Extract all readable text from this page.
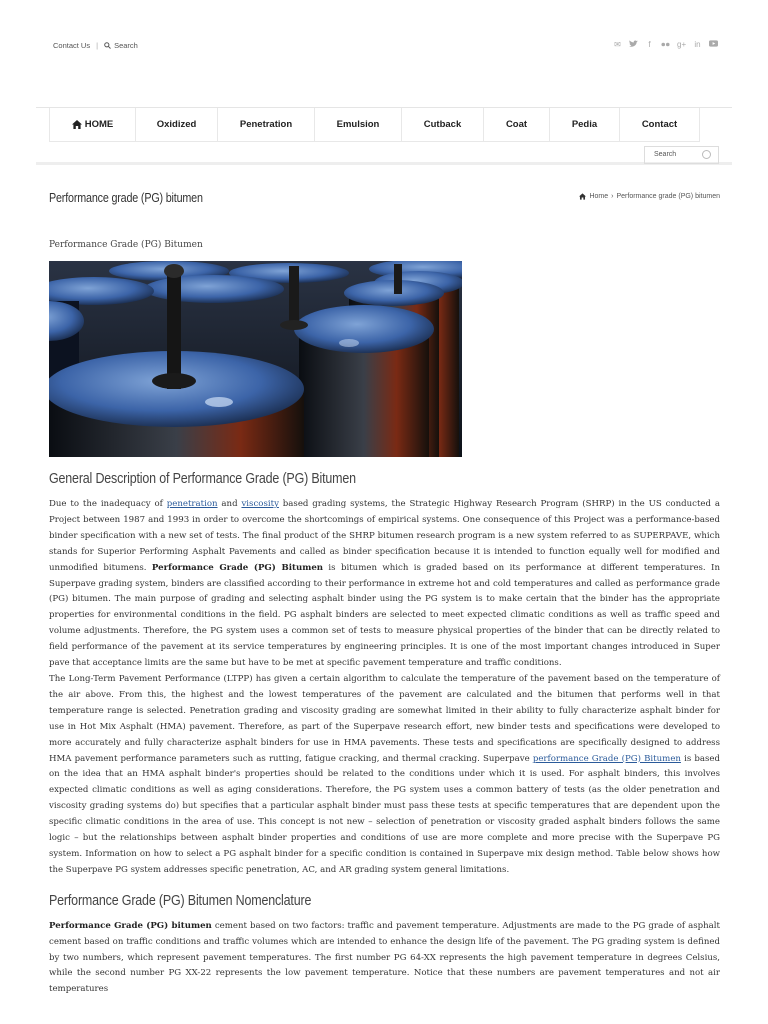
Contact Us | Search	✉	f	g+ in
HOME	Oxidized	Penetration	Emulsion	Cutback	Coat	Pedia	Contact
Search
Performance grade (PG) bitumen	Home › Performance grade (PG) bitumen
Performance Grade (PG) Bitumen
General Description of Performance Grade (PG) Bitumen

Due to the inadequacy of penetration and viscosity based grading systems, the Strategic Highway Research Program (SHRP) in the US conducted a Project between 1987 and 1993 in order to overcome the shortcomings of empirical systems. One consequence of this Project was a performance-based binder specification with a new set of tests. The final product of the SHRP bitumen research program is a new system referred to as SUPERPAVE, which stands for Superior Performing Asphalt Pavements and called as binder specification because it is intended to function equally well for modified and unmodified bitumens. Performance Grade (PG) Bitumen is bitumen which is graded based on its performance at different temperatures. In Superpave grading system, binders are classified according to their performance in extreme hot and cold temperatures and called as performance grade (PG) bitumen. The main purpose of grading and selecting asphalt binder using the PG system is to make certain that the binder has the appropriate properties for environmental conditions in the field. PG asphalt binders are selected to meet expected climatic conditions as well as traffic speed and volume adjustments. Therefore, the PG system uses a common set of tests to measure physical properties of the binder that can be directly related to field performance of the pavement at its service temperatures by engineering principles. It is one of the most important changes introduced in Super pave that acceptance limits are the same but have to be met at specific pavement temperature and traffic conditions.

The Long-Term Pavement Performance (LTPP) has given a certain algorithm to calculate the temperature of the pavement based on the temperature of the air above. From this, the highest and the lowest temperatures of the pavement are calculated and the bitumen that performs well in that temperature range is selected. Penetration grading and viscosity grading are somewhat limited in their ability to fully characterize asphalt binder for use in Hot Mix Asphalt (HMA) pavement. Therefore, as part of the Superpave research effort, new binder tests and specifications were developed to more accurately and fully characterize asphalt binders for use in HMA pavements. These tests and specifications are specifically designed to address HMA pavement performance parameters such as rutting, fatigue cracking, and thermal cracking. Superpave performance Grade (PG) Bitumen is based on the idea that an HMA asphalt binder's properties should be related to the conditions under which it is used. For asphalt binders, this involves expected climatic conditions as well as aging considerations. Therefore, the PG system uses a common battery of tests (as the older penetration and viscosity grading systems do) but specifies that a particular asphalt binder must pass these tests at specific temperatures that are dependent upon the specific climatic conditions in the area of use. This concept is not new – selection of penetration or viscosity graded asphalt binders follows the same logic – but the relationships between asphalt binder properties and conditions of use are more complete and more precise with the Superpave PG system. Information on how to select a PG asphalt binder for a specific condition is contained in Superpave mix design method. Table below shows how the Superpave PG system addresses specific penetration, AC, and AR grading system general limitations.

Performance Grade (PG) Bitumen Nomenclature

Performance Grade (PG) bitumen cement based on two factors: traffic and pavement temperature. Adjustments are made to the PG grade of asphalt cement based on traffic conditions and traffic volumes which are intended to enhance the design life of the pavement. The PG grading system is defined by two numbers, which represent pavement temperatures. The first number PG 64-XX represents the high pavement temperature in degrees Celsius, while the second number PG XX-22 represents the low pavement temperature. Notice that these numbers are pavement temperatures and not air temperatures
